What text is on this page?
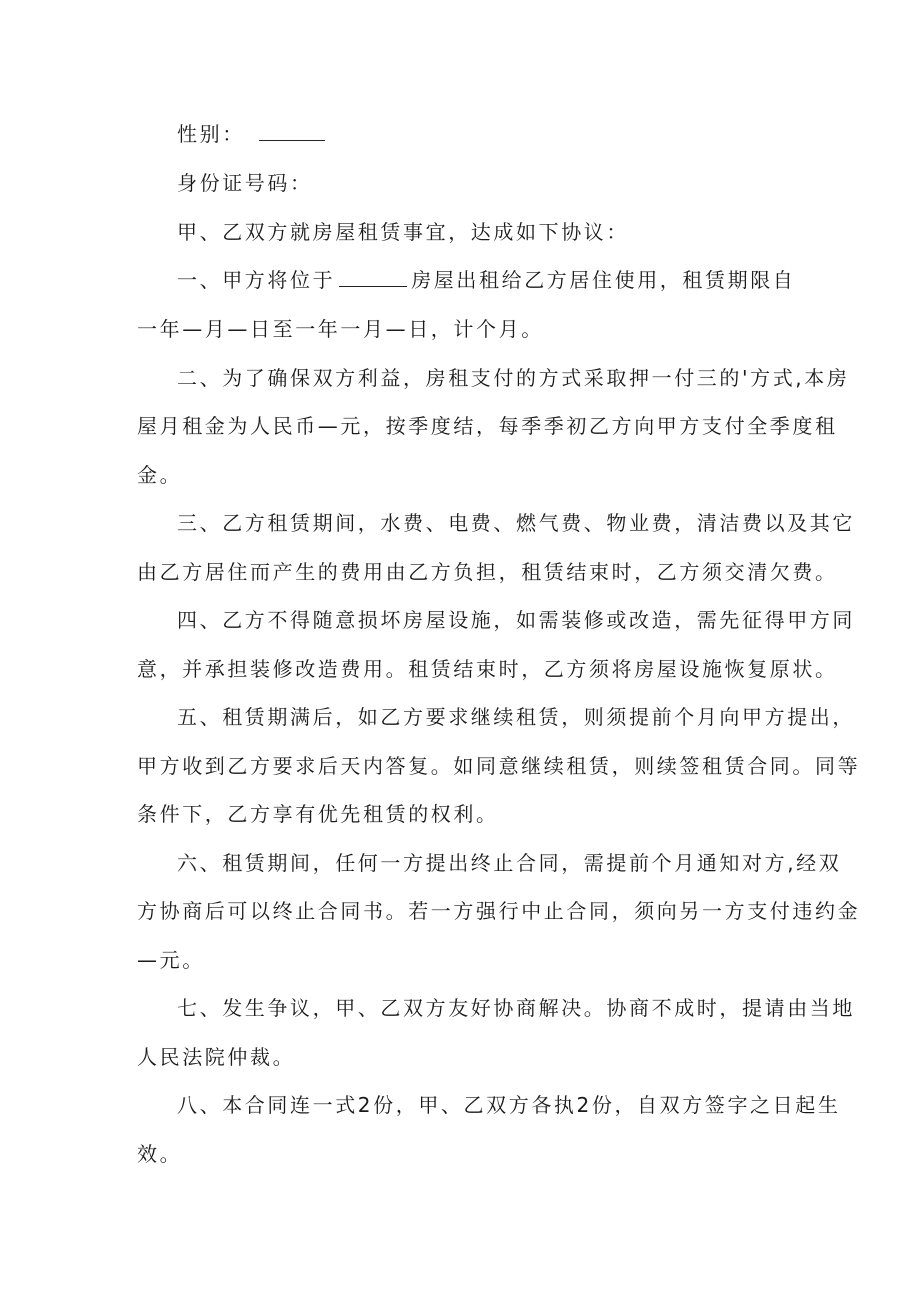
性别：
身份证号码：
甲、乙双方就房屋租赁事宜，达成如下协议：
一、甲方将位于	房屋出租给乙方居住使用，租赁期限自
一年—月—日至一年一月—日，计个月。
二、为了确保双方利益，房租支付的方式采取押一付三的'方式,本房
屋月租金为人民币—元，按季度结，每季季初乙方向甲方支付全季度租
金。
三、乙方租赁期间，水费、电费、燃气费、物业费，清洁费以及其它
由乙方居住而产生的费用由乙方负担，租赁结束时，乙方须交清欠费。
四、乙方不得随意损坏房屋设施，如需装修或改造，需先征得甲方同
意，并承担装修改造费用。租赁结束时，乙方须将房屋设施恢复原状。
五、租赁期满后，如乙方要求继续租赁，则须提前个月向甲方提出，
甲方收到乙方要求后天内答复。如同意继续租赁，则续签租赁合同。同等
条件下，乙方享有优先租赁的权利。
六、租赁期间，任何一方提出终止合同，需提前个月通知对方,经双
方协商后可以终止合同书。若一方强行中止合同，须向另一方支付违约金
—元。
七、发生争议，甲、乙双方友好协商解决。协商不成时，提请由当地
人民法院仲裁。
八、本合同连一式2份，甲、乙双方各执2份，自双方签字之日起生
效。
